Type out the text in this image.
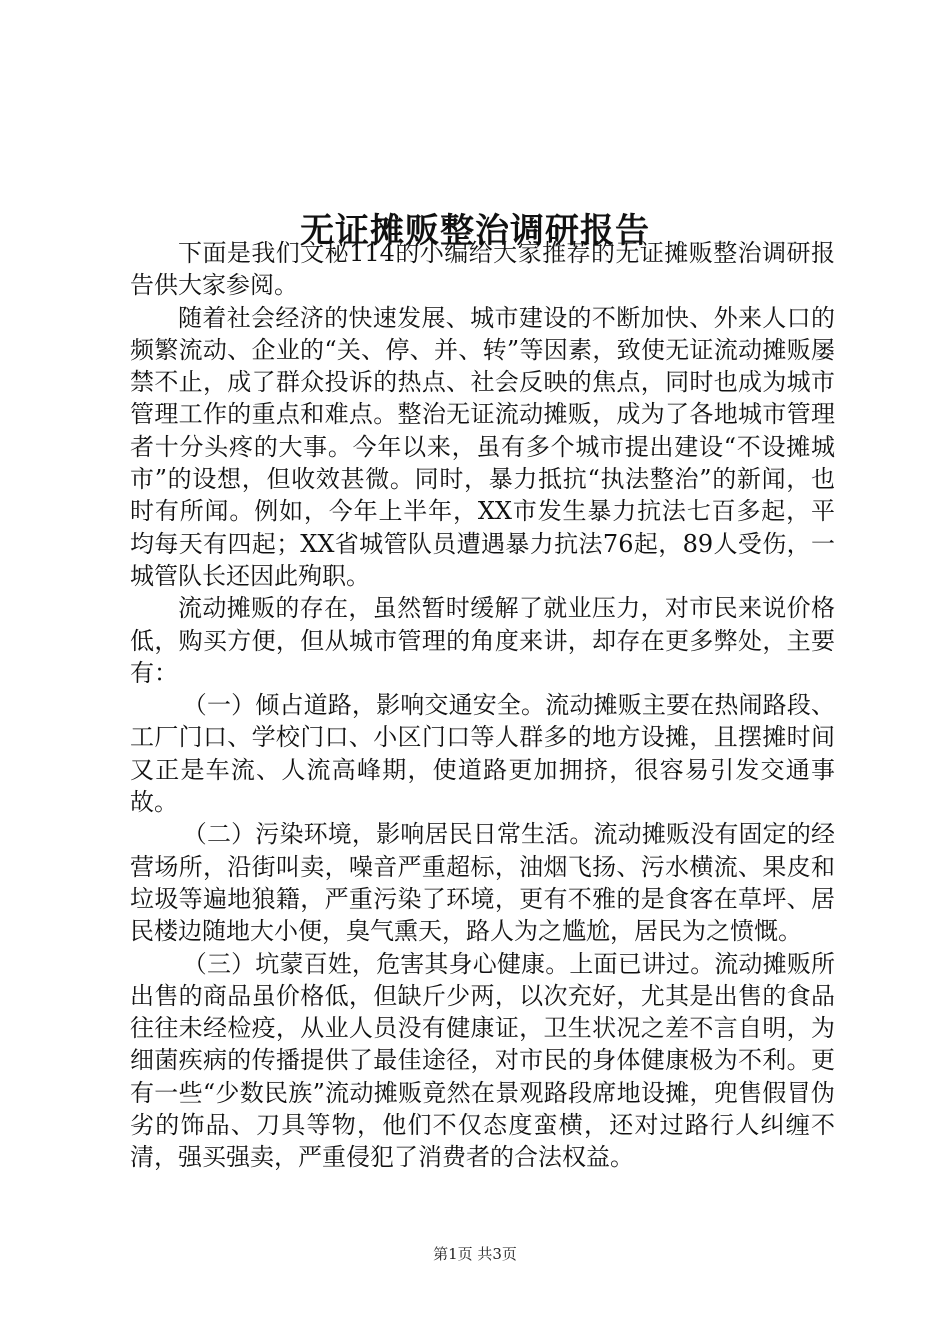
无证摊贩整治调研报告

下面是我们文秘114的小编给大家推荐的无证摊贩整治调研报告供大家参阅。

随着社会经济的快速发展、城市建设的不断加快、外来人口的频繁流动、企业的“关、停、并、转”等因素，致使无证流动摊贩屡禁不止，成了群众投诉的热点、社会反映的焦点，同时也成为城市管理工作的重点和难点。整治无证流动摊贩，成为了各地城市管理者十分头疼的大事。今年以来，虽有多个城市提出建设“不设摊城市”的设想，但收效甚微。同时，暴力抵抗“执法整治”的新闻，也时有所闻。例如，今年上半年，XX市发生暴力抗法七百多起，平均每天有四起；XX省城管队员遭遇暴力抗法76起，89人受伤，一城管队长还因此殉职。

流动摊贩的存在，虽然暂时缓解了就业压力，对市民来说价格低，购买方便，但从城市管理的角度来讲，却存在更多弊处，主要有：

（一）倾占道路，影响交通安全。流动摊贩主要在热闹路段、工厂门口、学校门口、小区门口等人群多的地方设摊，且摆摊时间又正是车流、人流高峰期，使道路更加拥挤，很容易引发交通事故。

（二）污染环境，影响居民日常生活。流动摊贩没有固定的经营场所，沿街叫卖，噪音严重超标，油烟飞扬、污水横流、果皮和垃圾等遍地狼籍，严重污染了环境，更有不雅的是食客在草坪、居民楼边随地大小便，臭气熏天，路人为之尴尬，居民为之愤慨。

（三）坑蒙百姓，危害其身心健康。上面已讲过。流动摊贩所出售的商品虽价格低，但缺斤少两，以次充好，尤其是出售的食品往往未经检疫，从业人员没有健康证，卫生状况之差不言自明，为细菌疾病的传播提供了最佳途径，对市民的身体健康极为不利。更有一些“少数民族”流动摊贩竟然在景观路段席地设摊，兜售假冒伪劣的饰品、刀具等物，他们不仅态度蛮横，还对过路行人纠缠不清，强买强卖，严重侵犯了消费者的合法权益。

第1页 共3页
